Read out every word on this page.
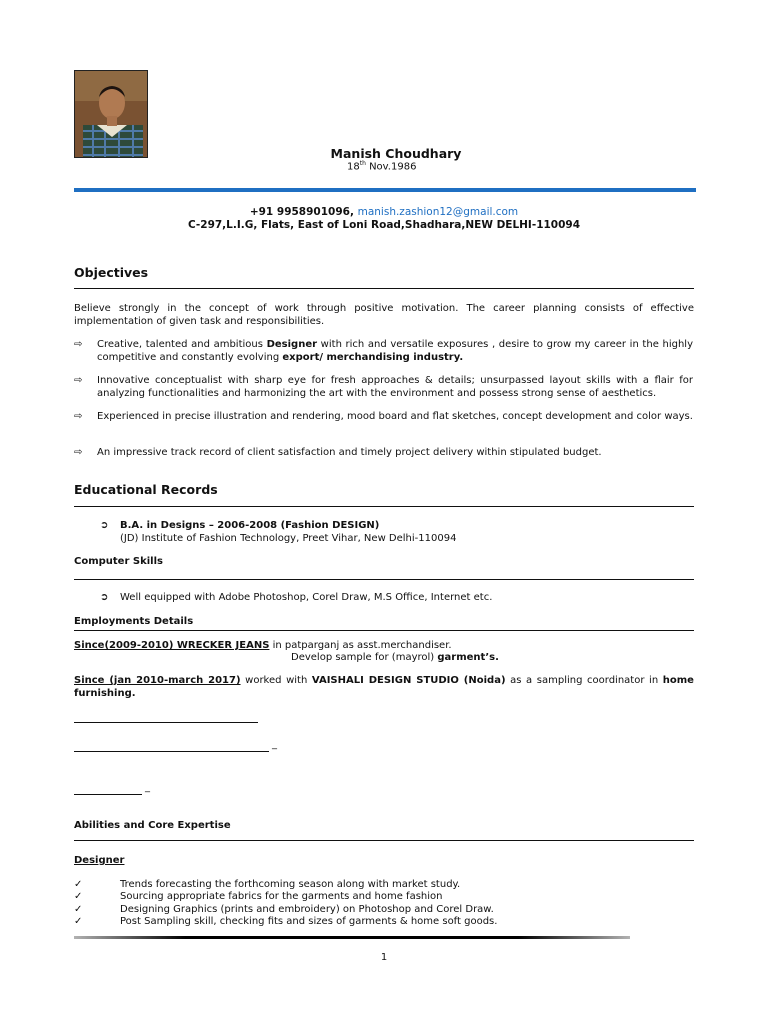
Manish Choudhary
18th Nov.1986
+91 9958901096, manish.zashion12@gmail.com
C-297,L.I.G, Flats, East of Loni Road,Shadhara,NEW DELHI-110094
Objectives
Believe strongly in the concept of work through positive motivation. The career planning consists of effective implementation of given task and responsibilities.
⇨ Creative, talented and ambitious Designer with rich and versatile exposures , desire to grow my career in the highly competitive and constantly evolving export/ merchandising industry.
⇨ Innovative conceptualist with sharp eye for fresh approaches & details; unsurpassed layout skills with a flair for analyzing functionalities and harmonizing the art with the environment and possess strong sense of aesthetics.
⇨ Experienced in precise illustration and rendering, mood board and flat sketches, concept development and color ways.
⇨ An impressive track record of client satisfaction and timely project delivery within stipulated budget.
Educational Records
➲ B.A. in Designs – 2006-2008 (Fashion DESIGN)
(JD) Institute of Fashion Technology, Preet Vihar, New Delhi-110094
Computer Skills
➲ Well equipped with Adobe Photoshop, Corel Draw, M.S Office, Internet etc.
Employments Details
Since(2009-2010) WRECKER JEANS in patparganj as asst.merchandiser.
Develop sample for (mayrol) garment’s.
Since (jan 2010-march 2017) worked with VAISHALI DESIGN STUDIO (Noida) as a sampling coordinator in home furnishing.
_
_
Abilities and Core Expertise
Designer
✓	Trends forecasting the forthcoming season along with market study.
✓	Sourcing appropriate fabrics for the garments and home fashion
✓	Designing Graphics (prints and embroidery) on Photoshop and Corel Draw.
✓	Post Sampling skill, checking fits and sizes of garments & home soft goods.
1
